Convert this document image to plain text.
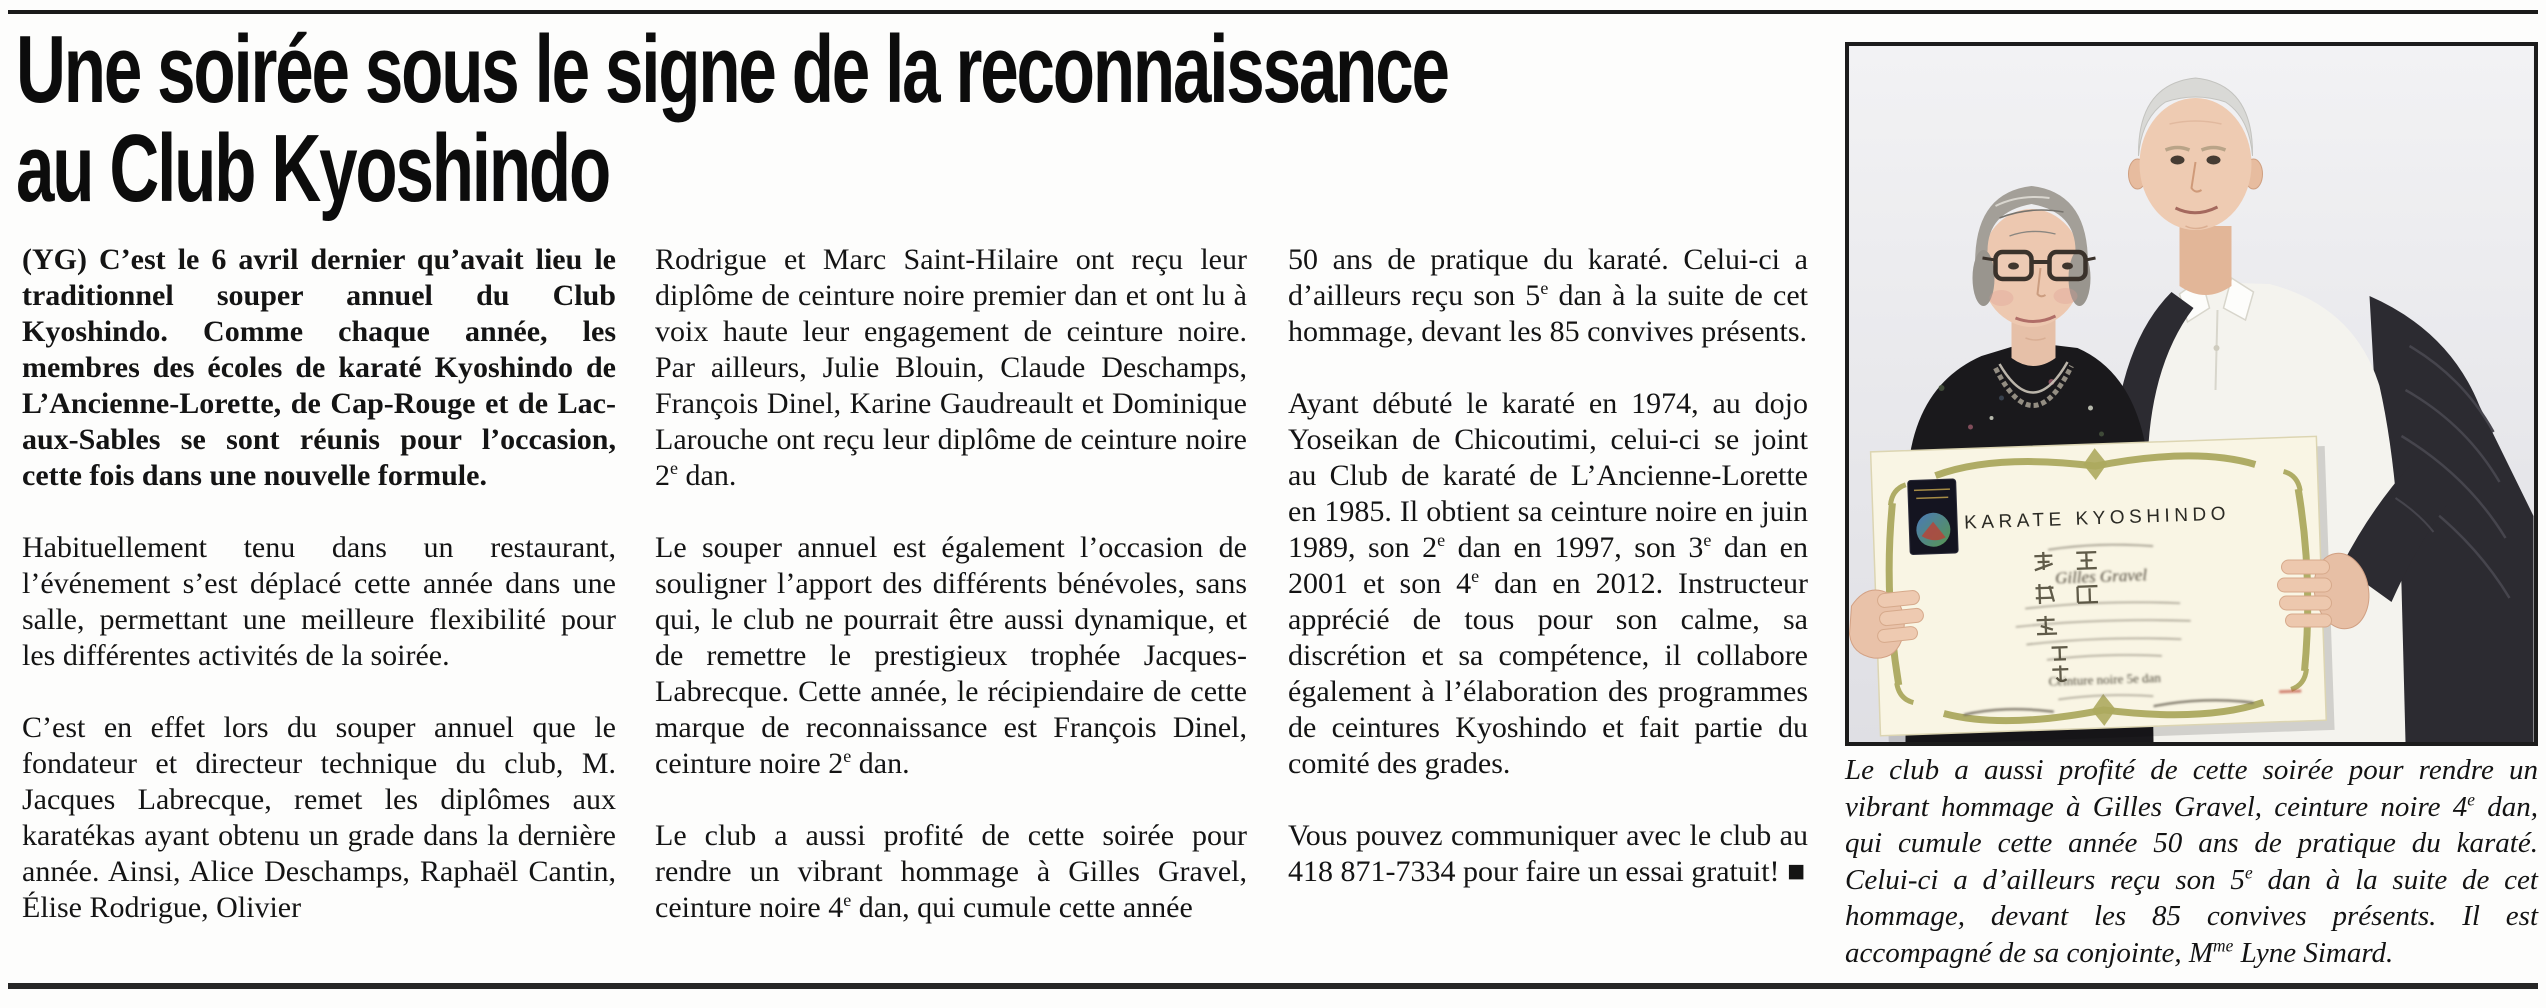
Une soirée sous le signe de la reconnaissance
au Club Kyoshindo

(YG) C’est le 6 avril dernier qu’avait lieu le traditionnel souper annuel du Club Kyoshindo. Comme chaque année, les membres des écoles de karaté Kyoshindo de L’Ancienne-Lorette, de Cap-Rouge et de Lac-aux-Sables se sont réunis pour l’occasion, cette fois dans une nouvelle formule.

Habituellement tenu dans un restaurant, l’événement s’est déplacé cette année dans une salle, permettant une meilleure flexibilité pour les différentes activités de la soirée.

C’est en effet lors du souper annuel que le fondateur et directeur technique du club, M. Jacques Labrecque, remet les diplômes aux karatékas ayant obtenu un grade dans la dernière année. Ainsi, Alice Deschamps, Raphaël Cantin, Élise Rodrigue, Olivier

Rodrigue et Marc Saint-Hilaire ont reçu leur diplôme de ceinture noire premier dan et ont lu à voix haute leur engagement de ceinture noire. Par ailleurs, Julie Blouin, Claude Deschamps, François Dinel, Karine Gaudreault et Dominique Larouche ont reçu leur diplôme de ceinture noire 2e dan.

Le souper annuel est également l’occasion de souligner l’apport des différents bénévoles, sans qui, le club ne pourrait être aussi dynamique, et de remettre le prestigieux trophée Jacques-Labrecque. Cette année, le récipiendaire de cette marque de reconnaissance est François Dinel, ceinture noire 2e dan.

Le club a aussi profité de cette soirée pour rendre un vibrant hommage à Gilles Gravel, ceinture noire 4e dan, qui cumule cette année

50 ans de pratique du karaté. Celui-ci a d’ailleurs reçu son 5e dan à la suite de cet hommage, devant les 85 convives présents.

Ayant débuté le karaté en 1974, au dojo Yoseikan de Chicoutimi, celui-ci se joint au Club de karaté de L’Ancienne-Lorette en 1985. Il obtient sa ceinture noire en juin 1989, son 2e dan en 1997, son 3e dan en 2001 et son 4e dan en 2012. Instructeur apprécié de tous pour son calme, sa discrétion et sa compétence, il collabore également à l’élaboration des programmes de ceintures Kyoshindo et fait partie du comité des grades.

Vous pouvez communiquer avec le club au 418 871-7334 pour faire un essai gratuit! ■

KARATE KYOSHINDO
Gilles Gravel
Ceinture noire 5e dan
Le club a aussi profité de cette soirée pour rendre un vibrant hommage à Gilles Gravel, ceinture noire 4e dan, qui cumule cette année 50 ans de pratique du karaté. Celui-ci a d’ailleurs reçu son 5e dan à la suite de cet hommage, devant les 85 convives présents. Il est accompagné de sa conjointe, $M^{me}$ Lyne Simard.
